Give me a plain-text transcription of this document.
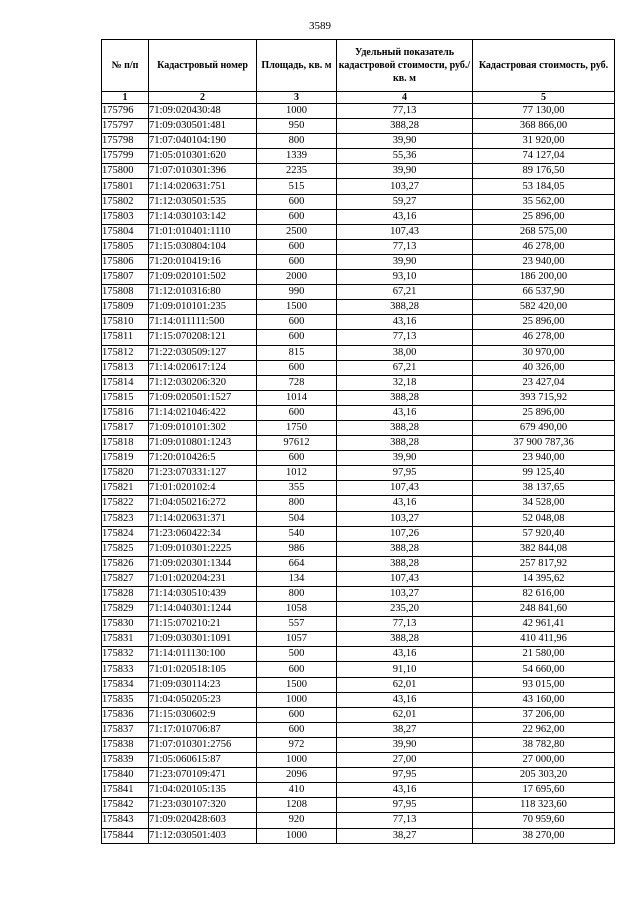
3589
№ п/п	Кадастровый номер	Площадь, кв. м	Удельный показатель кадастровой стоимости, руб./кв. м	Кадастровая стоимость, руб.
1	2	3	4	5
175796	71:09:020430:48	1000	77,13	77 130,00
175797	71:09:030501:481	950	388,28	368 866,00
175798	71:07:040104:190	800	39,90	31 920,00
175799	71:05:010301:620	1339	55,36	74 127,04
175800	71:07:010301:396	2235	39,90	89 176,50
175801	71:14:020631:751	515	103,27	53 184,05
175802	71:12:030501:535	600	59,27	35 562,00
175803	71:14:030103:142	600	43,16	25 896,00
175804	71:01:010401:1110	2500	107,43	268 575,00
175805	71:15:030804:104	600	77,13	46 278,00
175806	71:20:010419:16	600	39,90	23 940,00
175807	71:09:020101:502	2000	93,10	186 200,00
175808	71:12:010316:80	990	67,21	66 537,90
175809	71:09:010101:235	1500	388,28	582 420,00
175810	71:14:011111:500	600	43,16	25 896,00
175811	71:15:070208:121	600	77,13	46 278,00
175812	71:22:030509:127	815	38,00	30 970,00
175813	71:14:020617:124	600	67,21	40 326,00
175814	71:12:030206:320	728	32,18	23 427,04
175815	71:09:020501:1527	1014	388,28	393 715,92
175816	71:14:021046:422	600	43,16	25 896,00
175817	71:09:010101:302	1750	388,28	679 490,00
175818	71:09:010801:1243	97612	388,28	37 900 787,36
175819	71:20:010426:5	600	39,90	23 940,00
175820	71:23:070331:127	1012	97,95	99 125,40
175821	71:01:020102:4	355	107,43	38 137,65
175822	71:04:050216:272	800	43,16	34 528,00
175823	71:14:020631:371	504	103,27	52 048,08
175824	71:23:060422:34	540	107,26	57 920,40
175825	71:09:010301:2225	986	388,28	382 844,08
175826	71:09:020301:1344	664	388,28	257 817,92
175827	71:01:020204:231	134	107,43	14 395,62
175828	71:14:030510:439	800	103,27	82 616,00
175829	71:14:040301:1244	1058	235,20	248 841,60
175830	71:15:070210:21	557	77,13	42 961,41
175831	71:09:030301:1091	1057	388,28	410 411,96
175832	71:14:011130:100	500	43,16	21 580,00
175833	71:01:020518:105	600	91,10	54 660,00
175834	71:09:030114:23	1500	62,01	93 015,00
175835	71:04:050205:23	1000	43,16	43 160,00
175836	71:15:030602:9	600	62,01	37 206,00
175837	71:17:010706:87	600	38,27	22 962,00
175838	71:07:010301:2756	972	39,90	38 782,80
175839	71:05:060615:87	1000	27,00	27 000,00
175840	71:23:070109:471	2096	97,95	205 303,20
175841	71:04:020105:135	410	43,16	17 695,60
175842	71:23:030107:320	1208	97,95	118 323,60
175843	71:09:020428:603	920	77,13	70 959,60
175844	71:12:030501:403	1000	38,27	38 270,00
